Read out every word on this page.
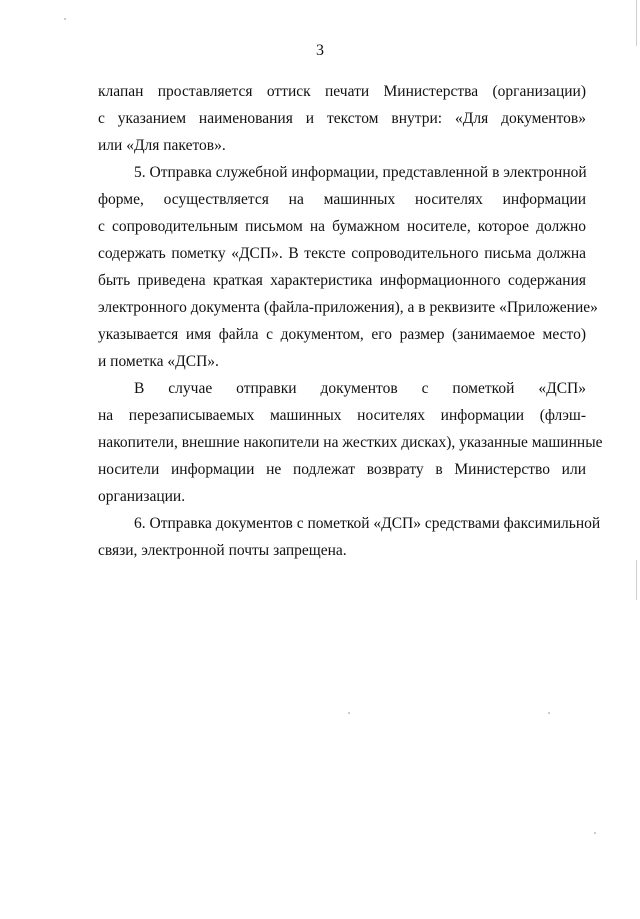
3
клапан проставляется оттиск печати Министерства (организации)
с указанием наименования и текстом внутри: «Для документов»
или «Для пакетов».
5. Отправка служебной информации, представленной в электронной
форме, осуществляется на машинных носителях информации
с сопроводительным письмом на бумажном носителе, которое должно
содержать пометку «ДСП». В тексте сопроводительного письма должна
быть приведена краткая характеристика информационного содержания
электронного документа (файла-приложения), а в реквизите «Приложение»
указывается имя файла с документом, его размер (занимаемое место)
и пометка «ДСП».
В случае отправки документов с пометкой «ДСП»
на перезаписываемых машинных носителях информации (флэш-
накопители, внешние накопители на жестких дисках), указанные машинные
носители информации не подлежат возврату в Министерство или
организации.
6. Отправка документов с пометкой «ДСП» средствами факсимильной
связи, электронной почты запрещена.
